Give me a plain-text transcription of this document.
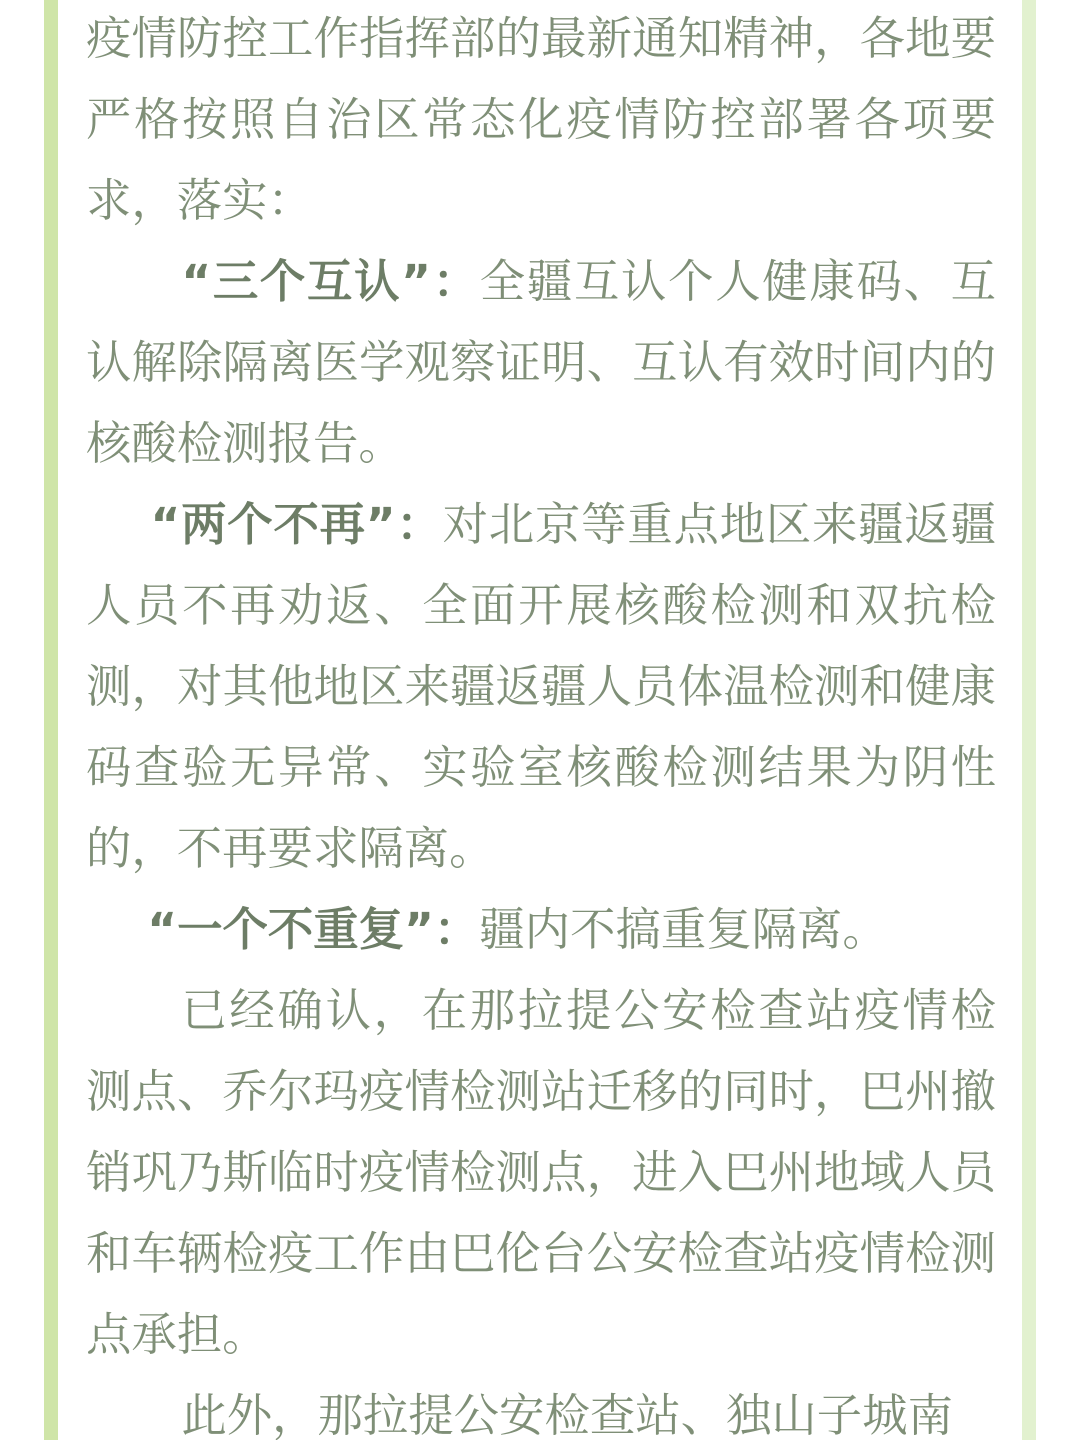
疫情防控工作指挥部的最新通知精神，各地要严格按照自治区常态化疫情防控部署各项要求，落实：

“三个互认”：全疆互认个人健康码、互认解除隔离医学观察证明、互认有效时间内的核酸检测报告。

“两个不再”：对北京等重点地区来疆返疆人员不再劝返、全面开展核酸检测和双抗检测，对其他地区来疆返疆人员体温检测和健康码查验无异常、实验室核酸检测结果为阴性的，不再要求隔离。

“一个不重复”：疆内不搞重复隔离。

已经确认，在那拉提公安检查站疫情检测点、乔尔玛疫情检测站迁移的同时，巴州撤销巩乃斯临时疫情检测点，进入巴州地域人员和车辆检疫工作由巴伦台公安检查站疫情检测点承担。

此外，那拉提公安检查站、独山子城南
